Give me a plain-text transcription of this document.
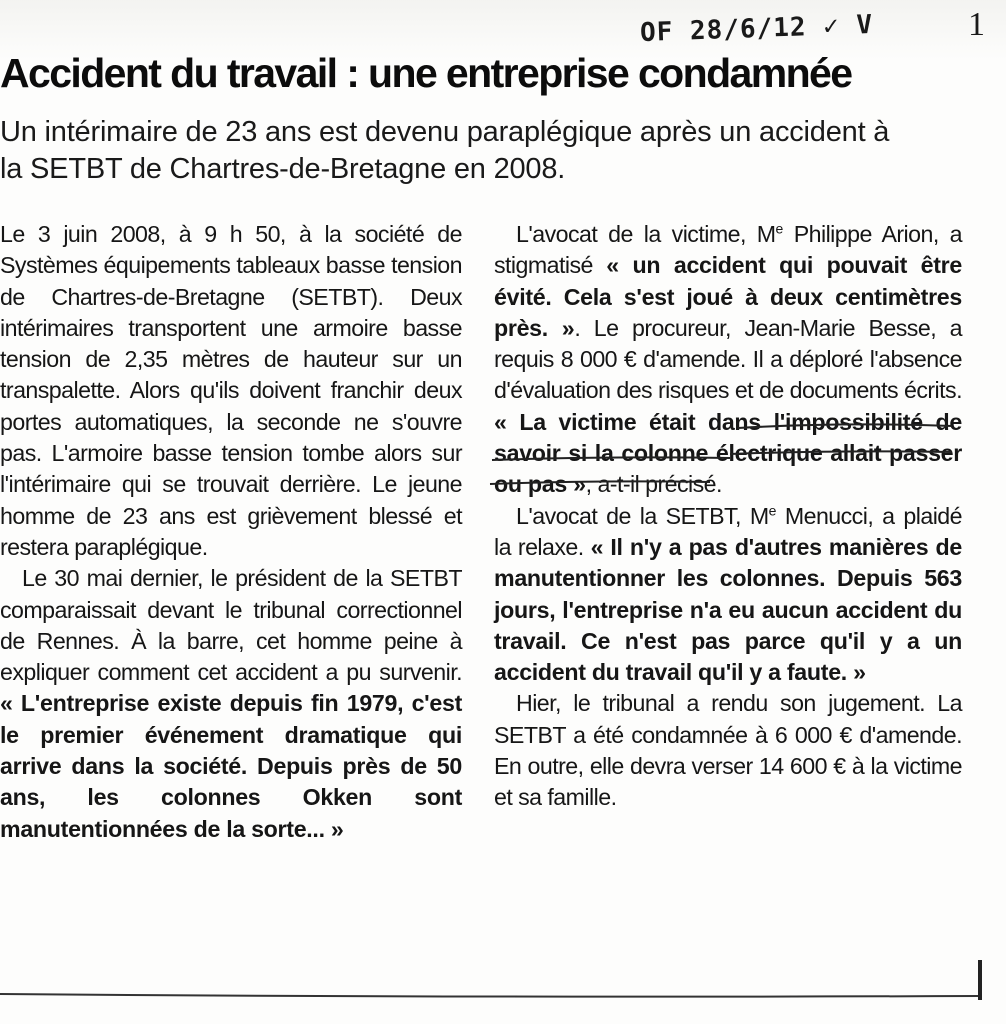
OF 28/6/12 ✓ V	1
Accident du travail : une entreprise condamnée

Un intérimaire de 23 ans est devenu paraplégique après un accident à la SETBT de Chartres-de-Bretagne en 2008.

Le 3 juin 2008, à 9 h 50, à la société de Systèmes équipements tableaux basse tension de Chartres-de-Bretagne (SETBT). Deux intérimaires transportent une armoire basse tension de 2,35 mètres de hauteur sur un transpalette. Alors qu'ils doivent franchir deux portes automatiques, la seconde ne s'ouvre pas. L'armoire basse tension tombe alors sur l'intérimaire qui se trouvait derrière. Le jeune homme de 23 ans est grièvement blessé et restera paraplégique.

Le 30 mai dernier, le président de la SETBT comparaissait devant le tribunal correctionnel de Rennes. À la barre, cet homme peine à expliquer comment cet accident a pu survenir. « L'entreprise existe depuis fin 1979, c'est le premier événement dramatique qui arrive dans la société. Depuis près de 50 ans, les colonnes Okken sont manutentionnées de la sorte... »

L'avocat de la victime, Me Philippe Arion, a stigmatisé « un accident qui pouvait être évité. Cela s'est joué à deux centimètres près. ». Le procureur, Jean-Marie Besse, a requis 8 000 € d'amende. Il a déploré l'absence d'évaluation des risques et de documents écrits. « La victime était dans l'impossibilité de savoir si la colonne électrique allait passer ou pas », a-t-il précisé.

L'avocat de la SETBT, Me Menucci, a plaidé la relaxe. « Il n'y a pas d'autres manières de manutentionner les colonnes. Depuis 563 jours, l'entreprise n'a eu aucun accident du travail. Ce n'est pas parce qu'il y a un accident du travail qu'il y a faute. »

Hier, le tribunal a rendu son jugement. La SETBT a été condamnée à 6 000 € d'amende. En outre, elle devra verser 14 600 € à la victime et sa famille.
